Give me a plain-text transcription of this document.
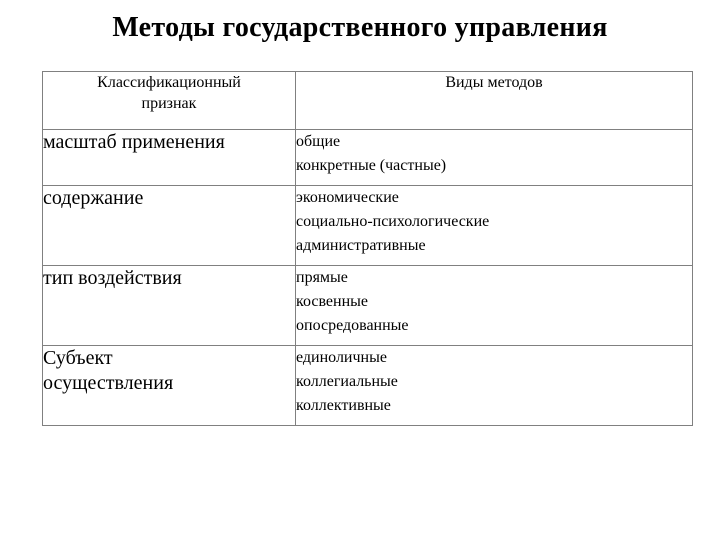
Методы государственного управления
Классификационный
признак	Виды методов

масштаб применения	общие
конкретные (частные)

содержание	экономические
социально-психологические
административные

тип воздействия	прямые
косвенные
опосредованные

Субъект
осуществления	единоличные
коллегиальные
коллективные
